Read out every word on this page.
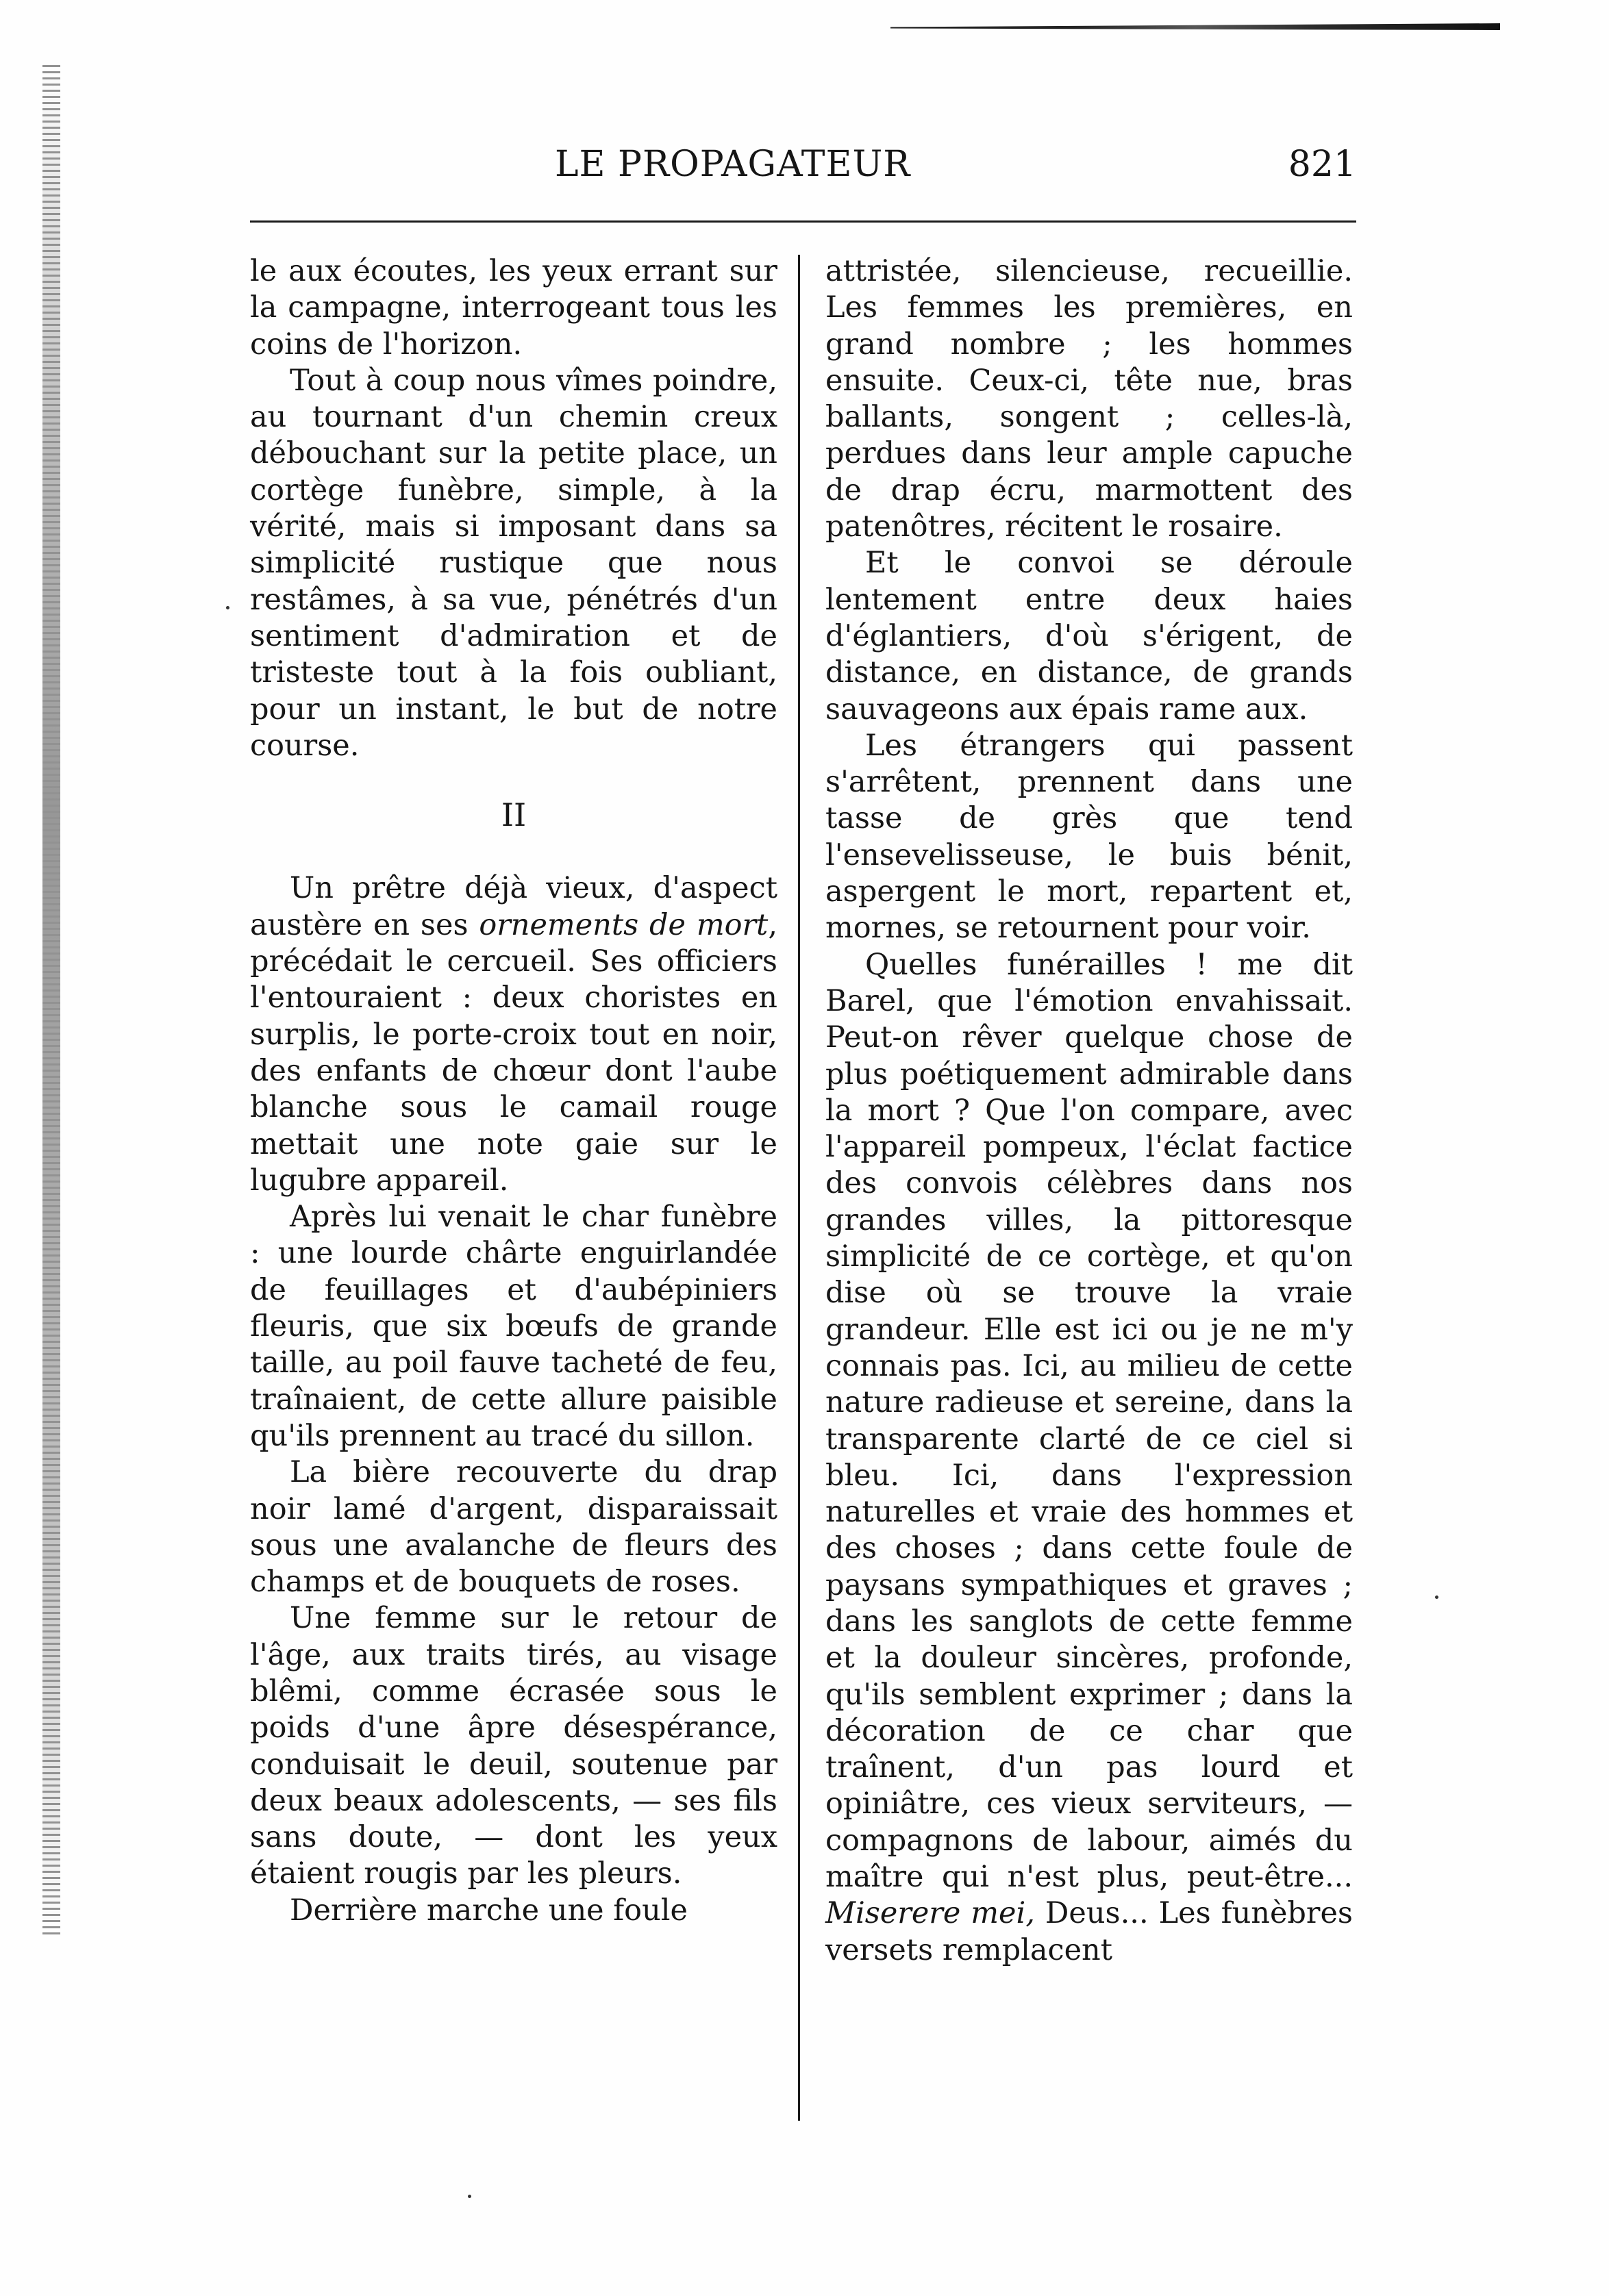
LE PROPAGATEUR	821

le aux écoutes, les yeux errant sur la campagne, interrogeant tous les coins de l'horizon.

Tout à coup nous vîmes poindre, au tournant d'un chemin creux débouchant sur la petite place, un cortège funèbre, simple, à la vérité, mais si imposant dans sa simplicité rustique que nous restâmes, à sa vue, pénétrés d'un sentiment d'admiration et de tristeste tout à la fois oubliant, pour un instant, le but de notre course.

II

Un prêtre déjà vieux, d'aspect austère en ses ornements de mort, précédait le cercueil. Ses officiers l'entouraient : deux choristes en surplis, le porte-croix tout en noir, des enfants de chœur dont l'aube blanche sous le camail rouge mettait une note gaie sur le lugubre appareil.

Après lui venait le char funèbre : une lourde chârte enguirlandée de feuillages et d'aubépiniers fleuris, que six bœufs de grande taille, au poil fauve tacheté de feu, traînaient, de cette allure paisible qu'ils prennent au tracé du sillon.

La bière recouverte du drap noir lamé d'argent, disparaissait sous une avalanche de fleurs des champs et de bouquets de roses.

Une femme sur le retour de l'âge, aux traits tirés, au visage blêmi, comme écrasée sous le poids d'une âpre désespérance, conduisait le deuil, soutenue par deux beaux adolescents, — ses fils sans doute, — dont les yeux étaient rougis par les pleurs.

Derrière marche une foule

attristée, silencieuse, recueillie. Les femmes les premières, en grand nombre ; les hommes ensuite. Ceux-ci, tête nue, bras ballants, songent ; celles-là, perdues dans leur ample capuche de drap écru, marmottent des patenôtres, récitent le rosaire.

Et le convoi se déroule lentement entre deux haies d'églantiers, d'où s'érigent, de distance, en distance, de grands sauvageons aux épais rame aux.

Les étrangers qui passent s'arrêtent, prennent dans une tasse de grès que tend l'ensevelisseuse, le buis bénit, aspergent le mort, repartent et, mornes, se retournent pour voir.

Quelles funérailles ! me dit Barel, que l'émotion envahissait. Peut-on rêver quelque chose de plus poétiquement admirable dans la mort ? Que l'on compare, avec l'appareil pompeux, l'éclat factice des convois célèbres dans nos grandes villes, la pittoresque simplicité de ce cortège, et qu'on dise où se trouve la vraie grandeur. Elle est ici ou je ne m'y connais pas. Ici, au milieu de cette nature radieuse et sereine, dans la transparente clarté de ce ciel si bleu. Ici, dans l'expression naturelles et vraie des hommes et des choses ; dans cette foule de paysans sympathiques et graves ; dans les sanglots de cette femme et la douleur sincères, profonde, qu'ils semblent exprimer ; dans la décoration de ce char que traînent, d'un pas lourd et opiniâtre, ces vieux serviteurs, — compagnons de labour, aimés du maître qui n'est plus, peut-être... Miserere mei, Deus... Les funèbres versets remplacent
